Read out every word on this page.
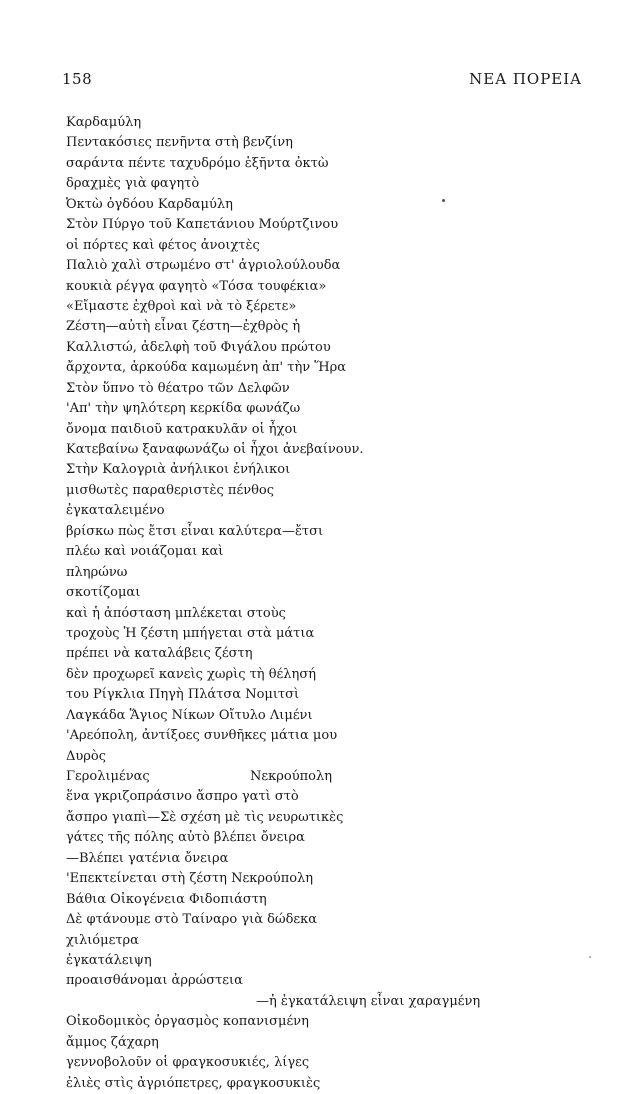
158	ΝΕΑ ΠΟΡΕΙΑ
Καρδαμύλη
Πεντακόσιες πενῆντα στὴ βενζίνη
σαράντα πέντε ταχυδρόμο ἑξῆντα ὀκτὼ
δραχμὲς γιὰ φαγητὸ
Ὀκτὼ ὀγδόου Καρδαμύλη
Στὸν Πύργο τοῦ Καπετάνιου Μούρτζινου
οἱ πόρτες καὶ φέτος ἀνοιχτὲς
Παλιὸ χαλὶ στρωμένο στ' ἀγριολούλουδα
κουκιὰ ρέγγα φαγητὸ «Τόσα τουφέκια»
«Εἴμαστε ἐχθροὶ καὶ νὰ τὸ ξέρετε»
Ζέστη—αὐτὴ εἶναι ζέστη—ἐχθρὸς ἡ
Καλλιστώ, ἀδελφὴ τοῦ Φιγάλου πρώτου
ἄρχοντα, ἀρκούδα καμωμένη ἀπ' τὴν Ἥρα
Στὸν ὕπνο τὸ θέατρο τῶν Δελφῶν
'Απ' τὴν ψηλότερη κερκίδα φωνάζω
ὄνομα παιδιοῦ κατρακυλᾶν οἱ ἦχοι
Κατεβαίνω ξαναφωνάζω οἱ ἦχοι ἀνεβαίνουν.
Στὴν Καλογριὰ ἀνήλικοι ἐνήλικοι
μισθωτὲς παραθεριστὲς πένθος
ἐγκαταλειμένο
βρίσκω πὼς ἔτσι εἶναι καλύτερα—ἔτσι
πλέω καὶ νοιάζομαι καὶ
πληρώνω
σκοτίζομαι
καὶ ἡ ἀπόσταση μπλέκεται στοὺς
τροχοὺς Ἡ ζέστη μπήγεται στὰ μάτια
πρέπει νὰ καταλάβεις ζέστη
δὲν προχωρεῖ κανεὶς χωρὶς τὴ θέλησή
του Ρίγκλια Πηγὴ Πλάτσα Νομιτσὶ
Λαγκάδα Ἅγιος Νίκων Οἴτυλο Λιμένι
'Αρεόπολη, ἀντίξοες συνθῆκες μάτια μου
Δυρὸς
Γερολιμένας	Νεκρούπολη
ἕνα γκριζοπράσινο ἄσπρο γατὶ στὸ
ἄσπρο γιαπὶ—Σὲ σχέση μὲ τὶς νευρωτικὲς
γάτες τῆς πόλης αὐτὸ βλέπει ὄνειρα
—Βλέπει γατένια ὄνειρα
'Επεκτείνεται στὴ ζέστη Νεκρούπολη
Βάθια Οἰκογένεια Φιδοπιάστη
Δὲ φτάνουμε στὸ Ταίναρο γιὰ δώδεκα
χιλιόμετρα
ἐγκατάλειψη
προαισθάνομαι ἀρρώστεια
—ἡ ἐγκατάλειψη εἶναι χαραγμένη
Οἰκοδομικὸς ὀργασμὸς κοπανισμένη
ἄμμος ζάχαρη
γεννοβολοῦν οἱ φραγκοσυκιές, λίγες
ἐλιὲς στὶς ἀγριόπετρες, φραγκοσυκιὲς
